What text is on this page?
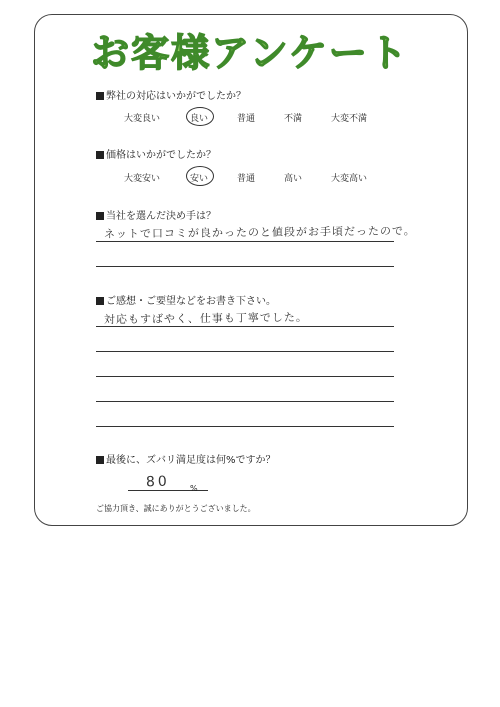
お客様アンケート
弊社の対応はいかがでしたか？
大変良い	良い	普通	不満	大変不満
価格はいかがでしたか？
大変安い	安い	普通	高い	大変高い
当社を選んだ決め手は？
ネットで口コミが良かったのと値段がお手頃だったので。
ご感想・ご要望などをお書き下さい。
対応もすばやく、仕事も丁寧でした。
最後に、ズバリ満足度は何%ですか？
80 %
ご協力頂き、誠にありがとうございました。
